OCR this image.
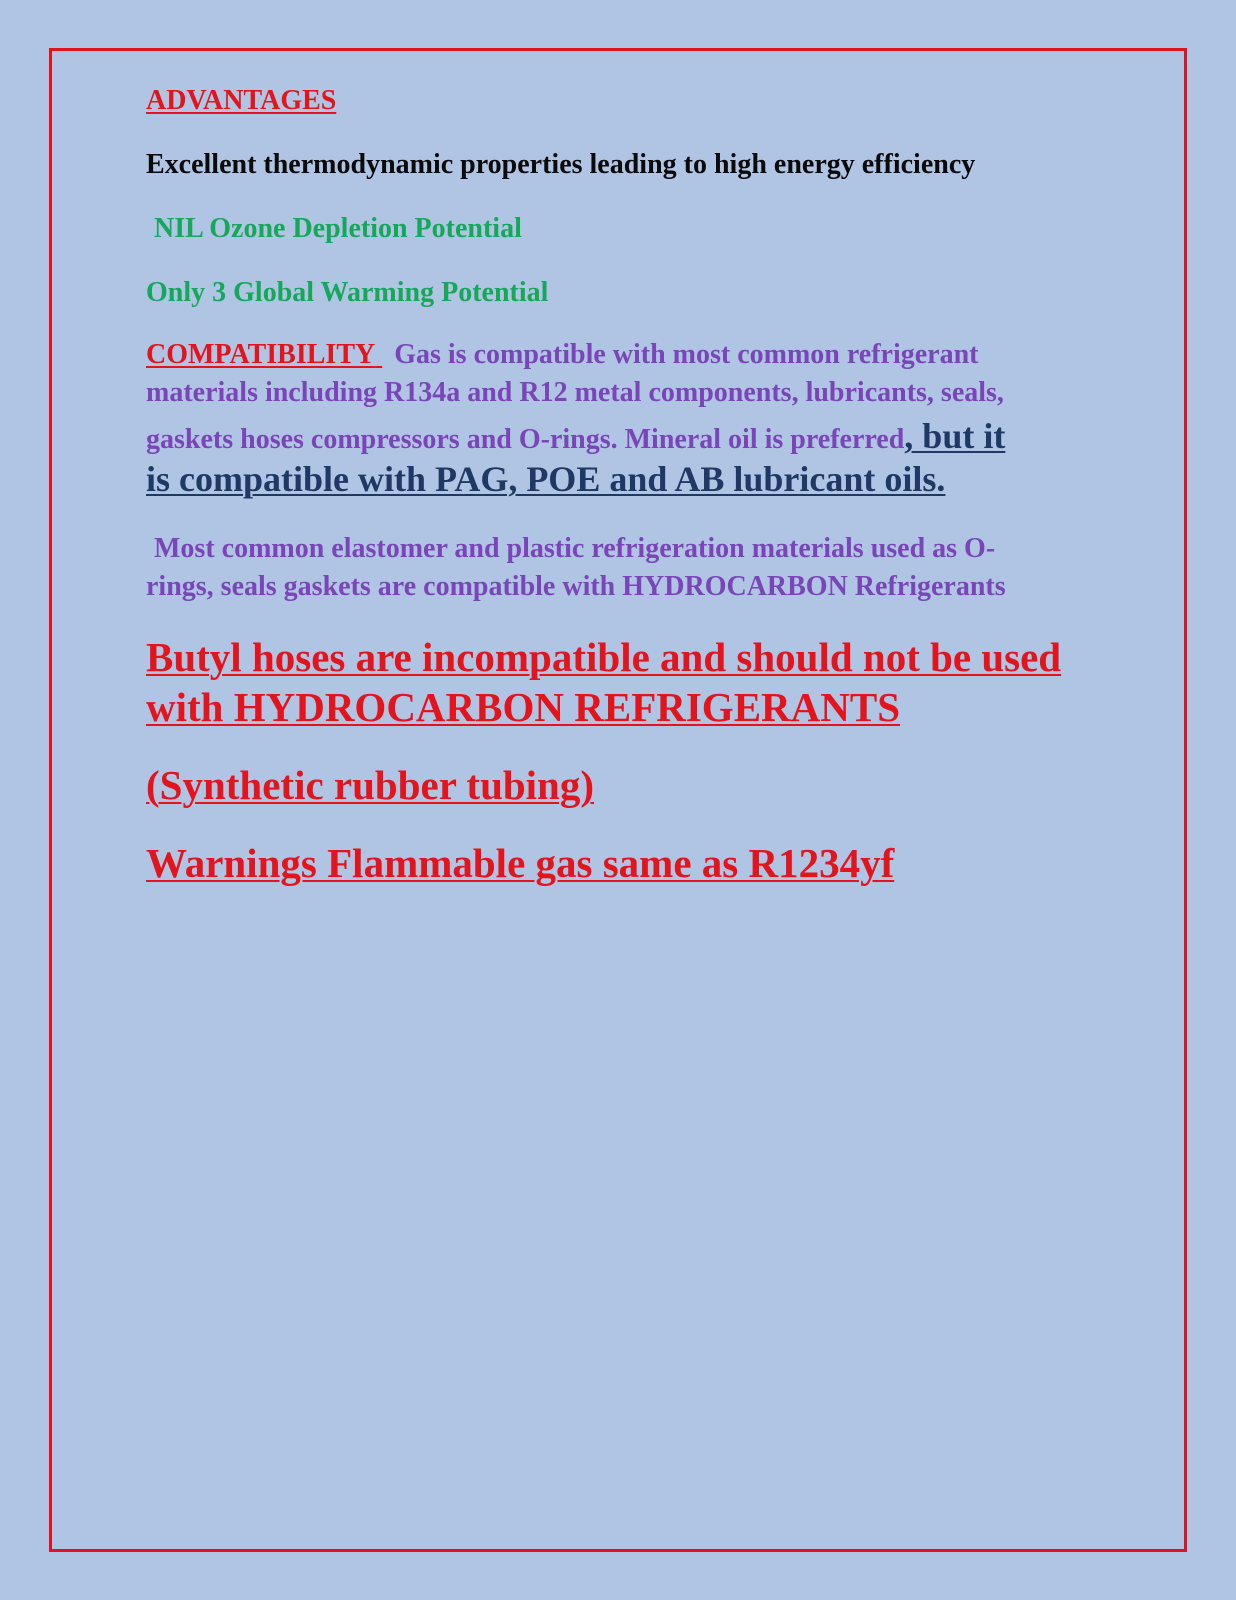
ADVANTAGES

Excellent thermodynamic properties leading to high energy efficiency

NIL Ozone Depletion Potential

Only 3 Global Warming Potential

COMPATIBILITY Gas is compatible with most common refrigerant

materials including R134a and R12 metal components, lubricants, seals,

gaskets hoses compressors and O-rings. Mineral oil is preferred, but it

is compatible with PAG, POE and AB lubricant oils.

Most common elastomer and plastic refrigeration materials used as O-

rings, seals gaskets are compatible with HYDROCARBON Refrigerants

Butyl hoses are incompatible and should not be used

with HYDROCARBON REFRIGERANTS

(Synthetic rubber tubing)

Warnings Flammable gas same as R1234yf
